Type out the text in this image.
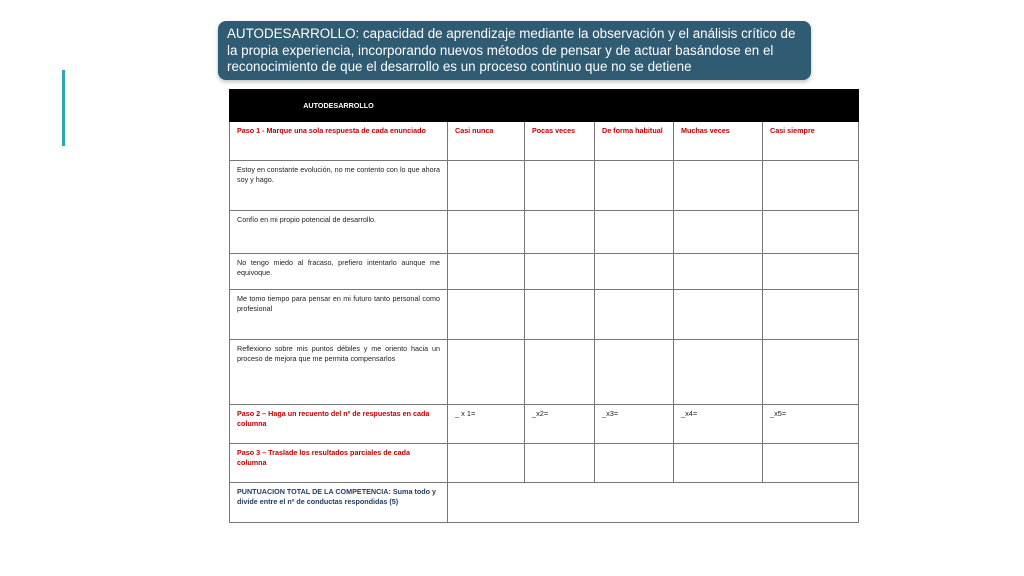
AUTODESARROLLO: capacidad de aprendizaje mediante la observación y el análisis crítico de la propia experiencia, incorporando nuevos métodos de pensar y de actuar basándose en el reconocimiento de que el desarrollo es un proceso continuo que no se detiene
AUTODESARROLLO					
Paso 1 - Marque una sola respuesta de cada enunciado	Casi nunca	Pocas veces	De forma habitual	Muchas veces	Casi siempre
Estoy en constante evolución, no me contento con lo que ahora soy y hago.					
Confío en mi propio potencial de desarrollo.					
No tengo miedo al fracaso, prefiero intentarlo aunque me equivoque.					
Me tomo tiempo para pensar en mi futuro tanto personal como profesional					
Reflexiono sobre mis puntos débiles y me oriento hacia un proceso de mejora que me permita compensarlos					
Paso 2 – Haga un recuento del nº de respuestas en cada columna	_ x 1=	_x2=	_x3=	_x4=	_x5=
Paso 3 – Traslade los resultados parciales de cada columna					
PUNTUACION TOTAL DE LA COMPETENCIA: Suma todo y divide entre el nº de conductas respondidas (5)					
